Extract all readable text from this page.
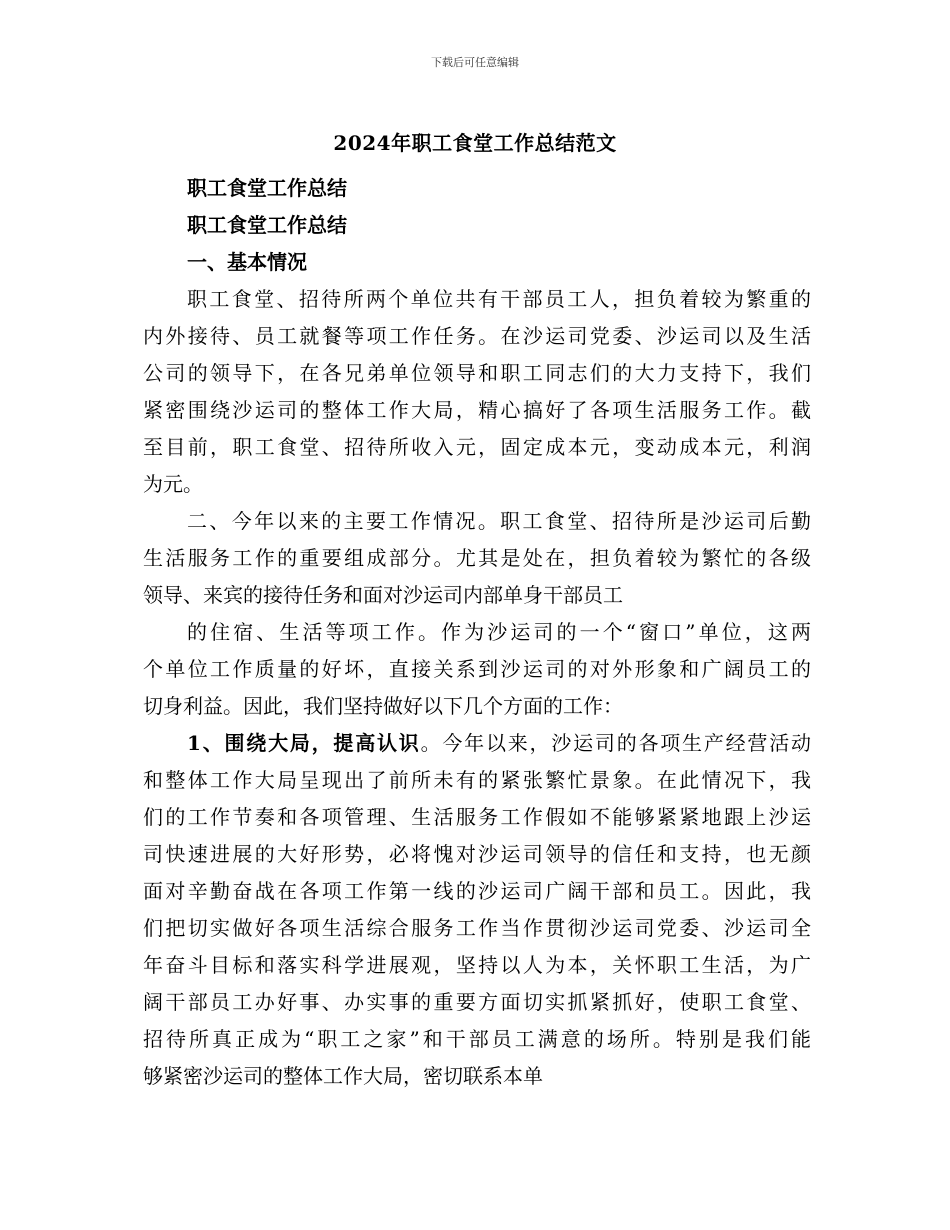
下载后可任意编辑
2024年职工食堂工作总结范文
职工食堂工作总结
职工食堂工作总结
一、基本情况
职工食堂、招待所两个单位共有干部员工人，担负着较为繁重的
内外接待、员工就餐等项工作任务。在沙运司党委、沙运司以及生活
公司的领导下，在各兄弟单位领导和职工同志们的大力支持下，我们
紧密围绕沙运司的整体工作大局，精心搞好了各项生活服务工作。截
至目前，职工食堂、招待所收入元，固定成本元，变动成本元，利润
为元。
二、今年以来的主要工作情况。职工食堂、招待所是沙运司后勤
生活服务工作的重要组成部分。尤其是处在，担负着较为繁忙的各级
领导、来宾的接待任务和面对沙运司内部单身干部员工
的住宿、生活等项工作。作为沙运司的一个“窗口”单位，这两
个单位工作质量的好坏，直接关系到沙运司的对外形象和广阔员工的
切身利益。因此，我们坚持做好以下几个方面的工作：
1、围绕大局，提高认识。今年以来，沙运司的各项生产经营活动
和整体工作大局呈现出了前所未有的紧张繁忙景象。在此情况下，我
们的工作节奏和各项管理、生活服务工作假如不能够紧紧地跟上沙运
司快速进展的大好形势，必将愧对沙运司领导的信任和支持，也无颜
面对辛勤奋战在各项工作第一线的沙运司广阔干部和员工。因此，我
们把切实做好各项生活综合服务工作当作贯彻沙运司党委、沙运司全
年奋斗目标和落实科学进展观，坚持以人为本，关怀职工生活，为广
阔干部员工办好事、办实事的重要方面切实抓紧抓好，使职工食堂、
招待所真正成为“职工之家”和干部员工满意的场所。特别是我们能
够紧密沙运司的整体工作大局，密切联系本单
